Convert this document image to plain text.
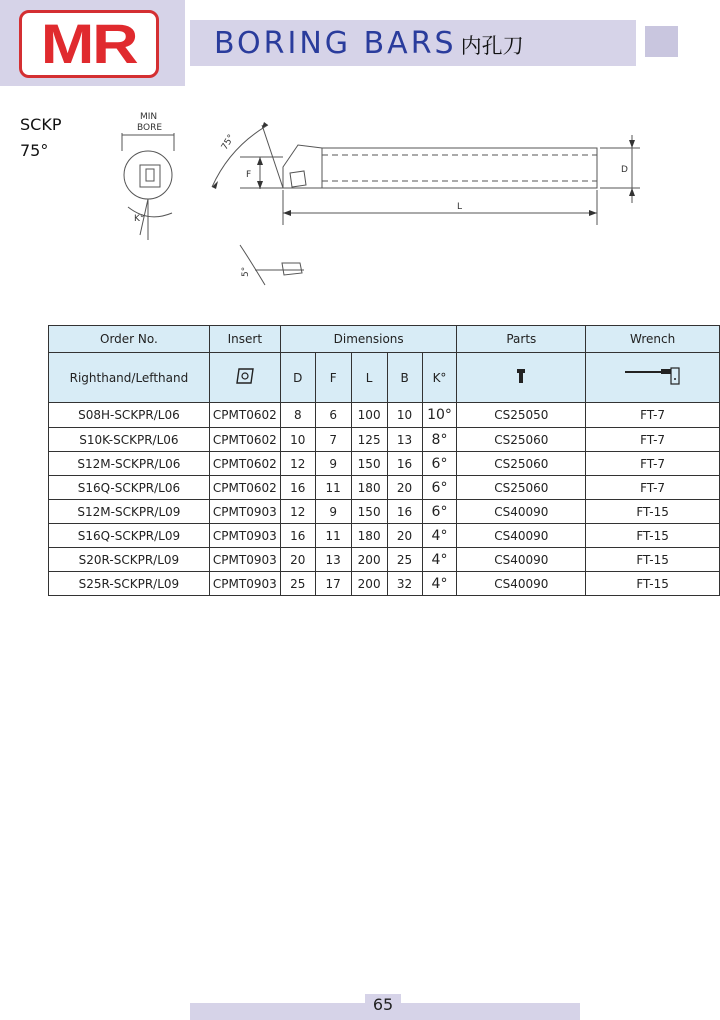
MR	BORING BARS 内孔刀
SCKP
75°
MIN
BORE
K°
75°
F	D
L
5°
Order No.	Insert	Dimensions					Parts	Wrench
Righthand/Lefthand		D	F	L	B	K°		
S08H-SCKPR/L06	CPMT0602	8	6	100	10	10°	CS25050	FT-7
S10K-SCKPR/L06	CPMT0602	10	7	125	13	8°	CS25060	FT-7
S12M-SCKPR/L06	CPMT0602	12	9	150	16	6°	CS25060	FT-7
S16Q-SCKPR/L06	CPMT0602	16	11	180	20	6°	CS25060	FT-7
S12M-SCKPR/L09	CPMT0903	12	9	150	16	6°	CS40090	FT-15
S16Q-SCKPR/L09	CPMT0903	16	11	180	20	4°	CS40090	FT-15
S20R-SCKPR/L09	CPMT0903	20	13	200	25	4°	CS40090	FT-15
S25R-SCKPR/L09	CPMT0903	25	17	200	32	4°	CS40090	FT-15
65
